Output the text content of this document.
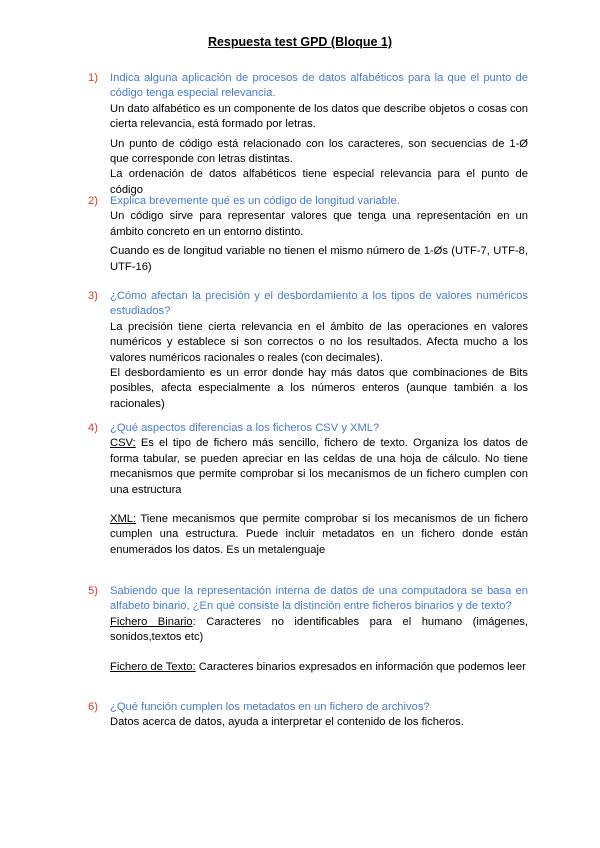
Respuesta test GPD (Bloque 1)
1)	Indica alguna aplicación de procesos de datos alfabéticos para la que el punto de código tenga especial relevancia.

Un dato alfabético es un componente de los datos que describe objetos o cosas con cierta relevancia, está formado por letras.

Un punto de código está relacionado con los caracteres, son secuencias de 1-Ø que corresponde con letras distintas.

La ordenación de datos alfabéticos tiene especial relevancia para el punto de código

2)	Explica brevemente qué es un código de longitud variable.

Un código sirve para representar valores que tenga una representación en un ámbito concreto en un entorno distinto.

Cuando es de longitud variable no tienen el mismo número de 1-Øs (UTF-7, UTF-8, UTF-16)

3)	¿Cómo afectan la precisión y el desbordamiento a los tipos de valores numéricos estudiados?

La precisión tiene cierta relevancia en el ámbito de las operaciones en valores numéricos y establece si son correctos o no los resultados. Afecta mucho a los valores numéricos racionales o reales (con decimales).

El desbordamiento es un error donde hay más datos que combinaciones de Bits posibles, afecta especialmente a los números enteros (aunque también a los racionales)

4)	¿Qué aspectos diferencias a los ficheros CSV y XML?

CSV: Es el tipo de fichero más sencillo, fichero de texto. Organiza los datos de forma tabular, se pueden apreciar en las celdas de una hoja de cálculo. No tiene mecanismos que permite comprobar si los mecanismos de un fichero cumplen con una estructura

XML: Tiene mecanismos que permite comprobar si los mecanismos de un fichero cumplen una estructura. Puede incluir metadatos en un fichero donde están enumerados los datos. Es un metalenguaje

5)	Sabiendo que la representación interna de datos de una computadora se basa en alfabeto binario, ¿En qué consiste la distinción entre ficheros binarios y de texto?

Fichero Binario: Caracteres no identificables para el humano (imágenes, sonidos,textos etc)

Fichero de Texto: Caracteres binarios expresados en información que podemos leer

6)	¿Qué función cumplen los metadatos en un fichero de archivos?

Datos acerca de datos, ayuda a interpretar el contenido de los ficheros.
